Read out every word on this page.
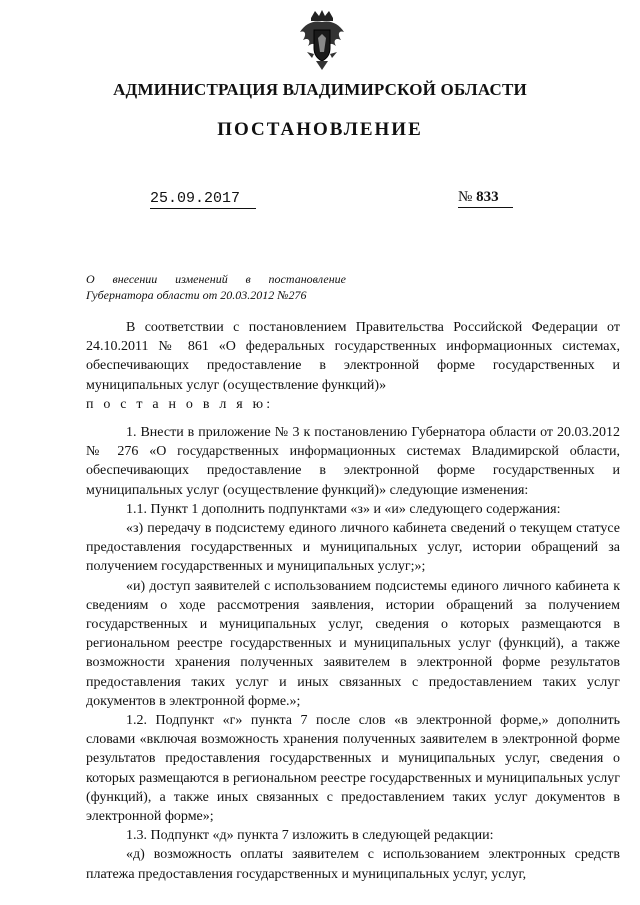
АДМИНИСТРАЦИЯ ВЛАДИМИРСКОЙ ОБЛАСТИ
ПОСТАНОВЛЕНИЕ
25.09.2017	№ 833
О внесении изменений в постановление
Губернатора области от 20.03.2012 №276

В соответствии с постановлением Правительства Российской Федерации от 24.10.2011 № 861 «О федеральных государственных информационных системах, обеспечивающих предоставление в электронной форме государственных и муниципальных услуг (осуществление функций)»

п о с т а н о в л я ю:

1. Внести в приложение № 3 к постановлению Губернатора области от 20.03.2012 № 276 «О государственных информационных системах Владимирской области, обеспечивающих предоставление в электронной форме государственных и муниципальных услуг (осуществление функций)» следующие изменения:

1.1. Пункт 1 дополнить подпунктами «з» и «и» следующего содержания:

«з) передачу в подсистему единого личного кабинета сведений о текущем статусе предоставления государственных и муниципальных услуг, истории обращений за получением государственных и муниципальных услуг;»;

«и) доступ заявителей с использованием подсистемы единого личного кабинета к сведениям о ходе рассмотрения заявления, истории обращений за получением государственных и муниципальных услуг, сведения о которых размещаются в региональном реестре государственных и муниципальных услуг (функций), а также возможности хранения полученных заявителем в электронной форме результатов предоставления таких услуг и иных связанных с предоставлением таких услуг документов в электронной форме.»;

1.2. Подпункт «г» пункта 7 после слов «в электронной форме,» дополнить словами «включая возможность хранения полученных заявителем в электронной форме результатов предоставления государственных и муниципальных услуг, сведения о которых размещаются в региональном реестре государственных и муниципальных услуг (функций), а также иных связанных с предоставлением таких услуг документов в электронной форме»;

1.3. Подпункт «д» пункта 7 изложить в следующей редакции:

«д) возможность оплаты заявителем с использованием электронных средств платежа предоставления государственных и муниципальных услуг, услуг,
